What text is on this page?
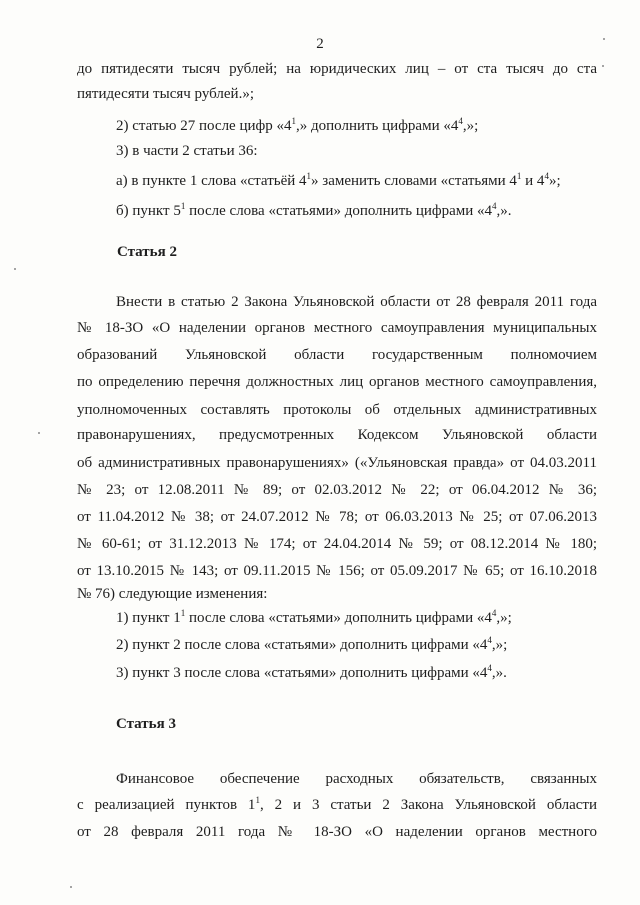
2
до пятидесяти тысяч рублей; на юридических лиц – от ста тысяч до ста
пятидесяти тысяч рублей.»;
2) статью 27 после цифр «$4^1$,» дополнить цифрами «$4^4$,»;
3) в части 2 статьи 36:
а) в пункте 1 слова «статьёй $4^1$» заменить словами «статьями $4^1$ и $4^4$»;
б) пункт $5^1$ после слова «статьями» дополнить цифрами «$4^4$,».
Статья 2
Внести в статью 2 Закона Ульяновской области от 28 февраля 2011 года
№ 18-ЗО «О наделении органов местного самоуправления муниципальных
образований Ульяновской области государственным полномочием
по определению перечня должностных лиц органов местного самоуправления,
уполномоченных составлять протоколы об отдельных административных
правонарушениях, предусмотренных Кодексом Ульяновской области
об административных правонарушениях» («Ульяновская правда» от 04.03.2011
№ 23; от 12.08.2011 № 89; от 02.03.2012 № 22; от 06.04.2012 № 36;
от 11.04.2012 № 38; от 24.07.2012 № 78; от 06.03.2013 № 25; от 07.06.2013
№ 60-61; от 31.12.2013 № 174; от 24.04.2014 № 59; от 08.12.2014 № 180;
от 13.10.2015 № 143; от 09.11.2015 № 156; от 05.09.2017 № 65; от 16.10.2018
№ 76) следующие изменения:
1) пункт $1^1$ после слова «статьями» дополнить цифрами «$4^4$,»;
2) пункт 2 после слова «статьями» дополнить цифрами «$4^4$,»;
3) пункт 3 после слова «статьями» дополнить цифрами «$4^4$,».
Статья 3
Финансовое обеспечение расходных обязательств, связанных
с реализацией пунктов $1^1$, 2 и 3 статьи 2 Закона Ульяновской области
от 28 февраля 2011 года № 18-ЗО «О наделении органов местного
